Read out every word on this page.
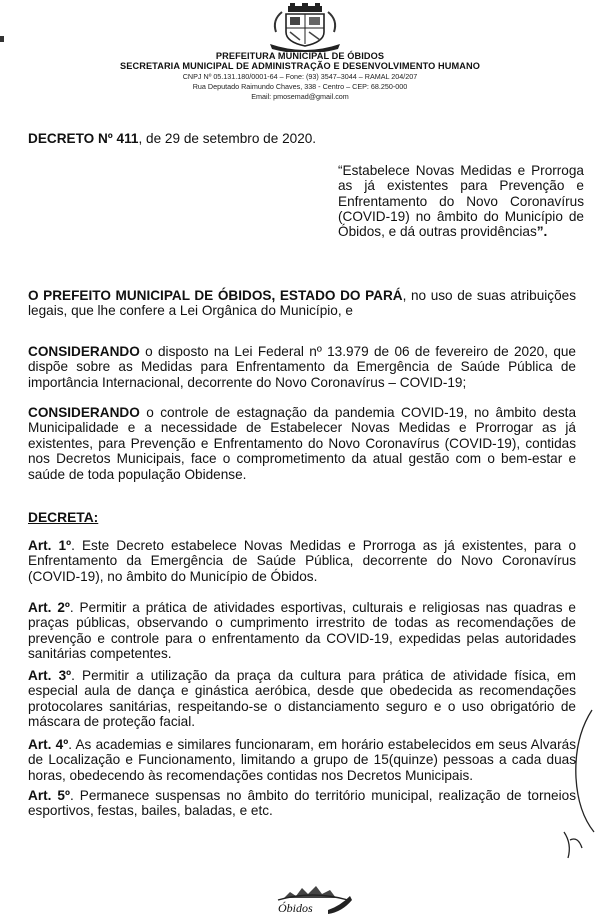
PREFEITURA MUNICIPAL DE ÓBIDOS
SECRETARIA MUNICIPAL DE ADMINISTRAÇÃO E DESENVOLVIMENTO HUMANO
CNPJ Nº 05.131.180/0001-64 – Fone: (93) 3547–3044 – RAMAL 204/207
Rua Deputado Raimundo Chaves, 338 - Centro – CEP: 68.250-000
Email: pmosemad@gmail.com
DECRETO Nº 411, de 29 de setembro de 2020.
“Estabelece Novas Medidas e Prorroga as já existentes para Prevenção e Enfrentamento do Novo Coronavírus (COVID-19) no âmbito do Município de Óbidos, e dá outras providências”.
O PREFEITO MUNICIPAL DE ÓBIDOS, ESTADO DO PARÁ, no uso de suas atribuições legais, que lhe confere a Lei Orgânica do Município, e
CONSIDERANDO o disposto na Lei Federal nº 13.979 de 06 de fevereiro de 2020, que dispõe sobre as Medidas para Enfrentamento da Emergência de Saúde Pública de importância Internacional, decorrente do Novo Coronavírus – COVID-19;
CONSIDERANDO o controle de estagnação da pandemia COVID-19, no âmbito desta Municipalidade e a necessidade de Estabelecer Novas Medidas e Prorrogar as já existentes, para Prevenção e Enfrentamento do Novo Coronavírus (COVID-19), contidas nos Decretos Municipais, face o comprometimento da atual gestão com o bem-estar e saúde de toda população Obidense.
DECRETA:
Art. 1º. Este Decreto estabelece Novas Medidas e Prorroga as já existentes, para o Enfrentamento da Emergência de Saúde Pública, decorrente do Novo Coronavírus (COVID-19), no âmbito do Município de Óbidos.
Art. 2º. Permitir a prática de atividades esportivas, culturais e religiosas nas quadras e praças públicas, observando o cumprimento irrestrito de todas as recomendações de prevenção e controle para o enfrentamento da COVID-19, expedidas pelas autoridades sanitárias competentes.
Art. 3º. Permitir a utilização da praça da cultura para prática de atividade física, em especial aula de dança e ginástica aeróbica, desde que obedecida as recomendações protocolares sanitárias, respeitando-se o distanciamento seguro e o uso obrigatório de máscara de proteção facial.
Art. 4º. As academias e similares funcionaram, em horário estabelecidos em seus Alvarás de Localização e Funcionamento, limitando a grupo de 15(quinze) pessoas a cada duas horas, obedecendo às recomendações contidas nos Decretos Municipais.
Art. 5º. Permanece suspensas no âmbito do território municipal, realização de torneios esportivos, festas, bailes, baladas, e etc.
Óbidos
